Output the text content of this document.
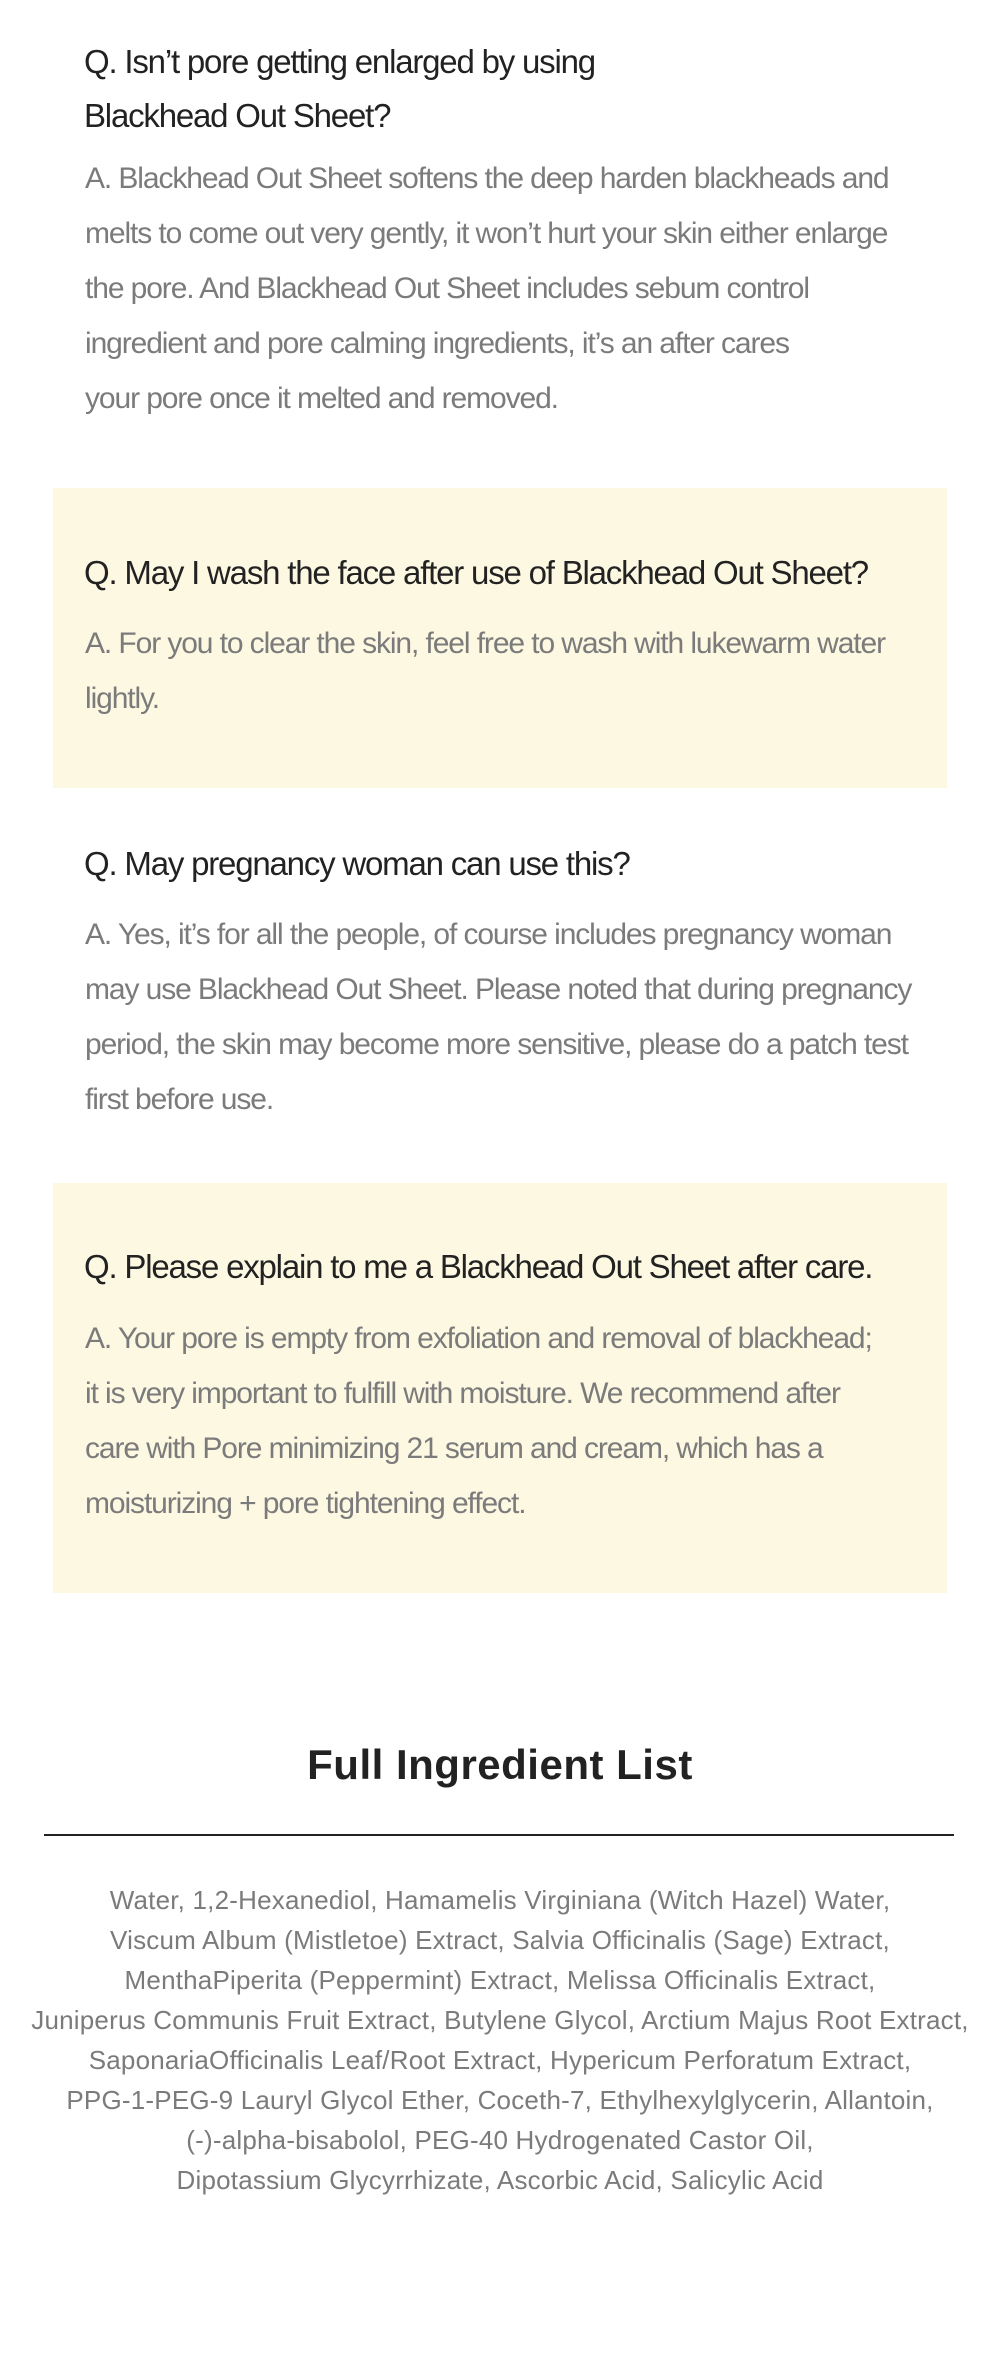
Q. Isn’t pore getting enlarged by using
Blackhead Out Sheet?

A. Blackhead Out Sheet softens the deep harden blackheads and
melts to come out very gently, it won’t hurt your skin either enlarge
the pore. And Blackhead Out Sheet includes sebum control
ingredient and pore calming ingredients, it’s an after cares
your pore once it melted and removed.

Q. May I wash the face after use of Blackhead Out Sheet?

A. For you to clear the skin, feel free to wash with lukewarm water
lightly.

Q. May pregnancy woman can use this?

A. Yes, it’s for all the people, of course includes pregnancy woman
may use Blackhead Out Sheet. Please noted that during pregnancy
period, the skin may become more sensitive, please do a patch test
first before use.

Q. Please explain to me a Blackhead Out Sheet after care.

A. Your pore is empty from exfoliation and removal of blackhead;
it is very important to fulfill with moisture. We recommend after
care with Pore minimizing 21 serum and cream, which has a
moisturizing + pore tightening effect.

Full Ingredient List

Water, 1,2-Hexanediol, Hamamelis Virginiana (Witch Hazel) Water,
Viscum Album (Mistletoe) Extract, Salvia Officinalis (Sage) Extract,
MenthaPiperita (Peppermint) Extract, Melissa Officinalis Extract,
Juniperus Communis Fruit Extract, Butylene Glycol, Arctium Majus Root Extract,
SaponariaOfficinalis Leaf/Root Extract, Hypericum Perforatum Extract,
PPG-1-PEG-9 Lauryl Glycol Ether, Coceth-7, Ethylhexylglycerin, Allantoin,
(-)-alpha-bisabolol, PEG-40 Hydrogenated Castor Oil,
Dipotassium Glycyrrhizate, Ascorbic Acid, Salicylic Acid
